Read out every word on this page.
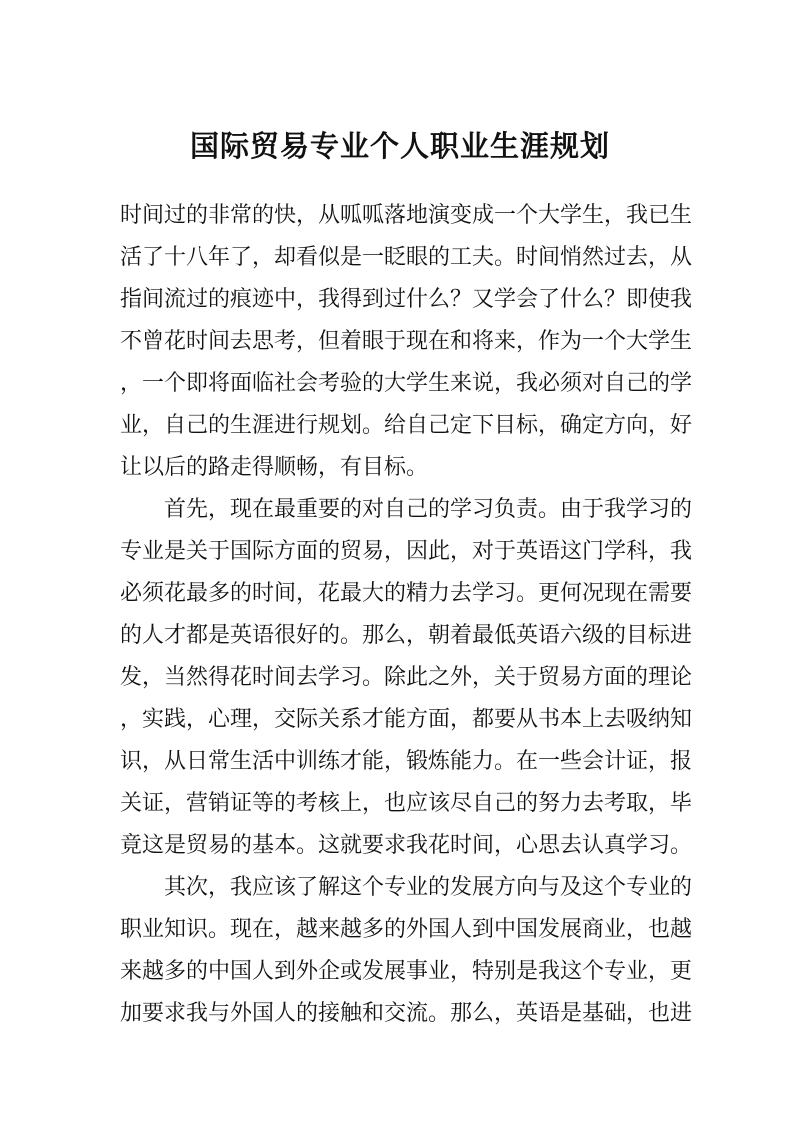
国际贸易专业个人职业生涯规划

时间过的非常的快，从呱呱落地演变成一个大学生，我已生
活了十八年了，却看似是一眨眼的工夫。时间悄然过去，从
指间流过的痕迹中，我得到过什么？又学会了什么？即使我
不曾花时间去思考，但着眼于现在和将来，作为一个大学生
，一个即将面临社会考验的大学生来说，我必须对自己的学
业，自己的生涯进行规划。给自己定下目标，确定方向，好
让以后的路走得顺畅，有目标。

首先，现在最重要的对自己的学习负责。由于我学习的
专业是关于国际方面的贸易，因此，对于英语这门学科，我
必须花最多的时间，花最大的精力去学习。更何况现在需要
的人才都是英语很好的。那么，朝着最低英语六级的目标进
发，当然得花时间去学习。除此之外，关于贸易方面的理论
，实践，心理，交际关系才能方面，都要从书本上去吸纳知
识，从日常生活中训练才能，锻炼能力。在一些会计证，报
关证，营销证等的考核上，也应该尽自己的努力去考取，毕
竟这是贸易的基本。这就要求我花时间，心思去认真学习。

其次，我应该了解这个专业的发展方向与及这个专业的
职业知识。现在，越来越多的外国人到中国发展商业，也越
来越多的中国人到外企或发展事业，特别是我这个专业，更
加要求我与外国人的接触和交流。那么，英语是基础，也进
